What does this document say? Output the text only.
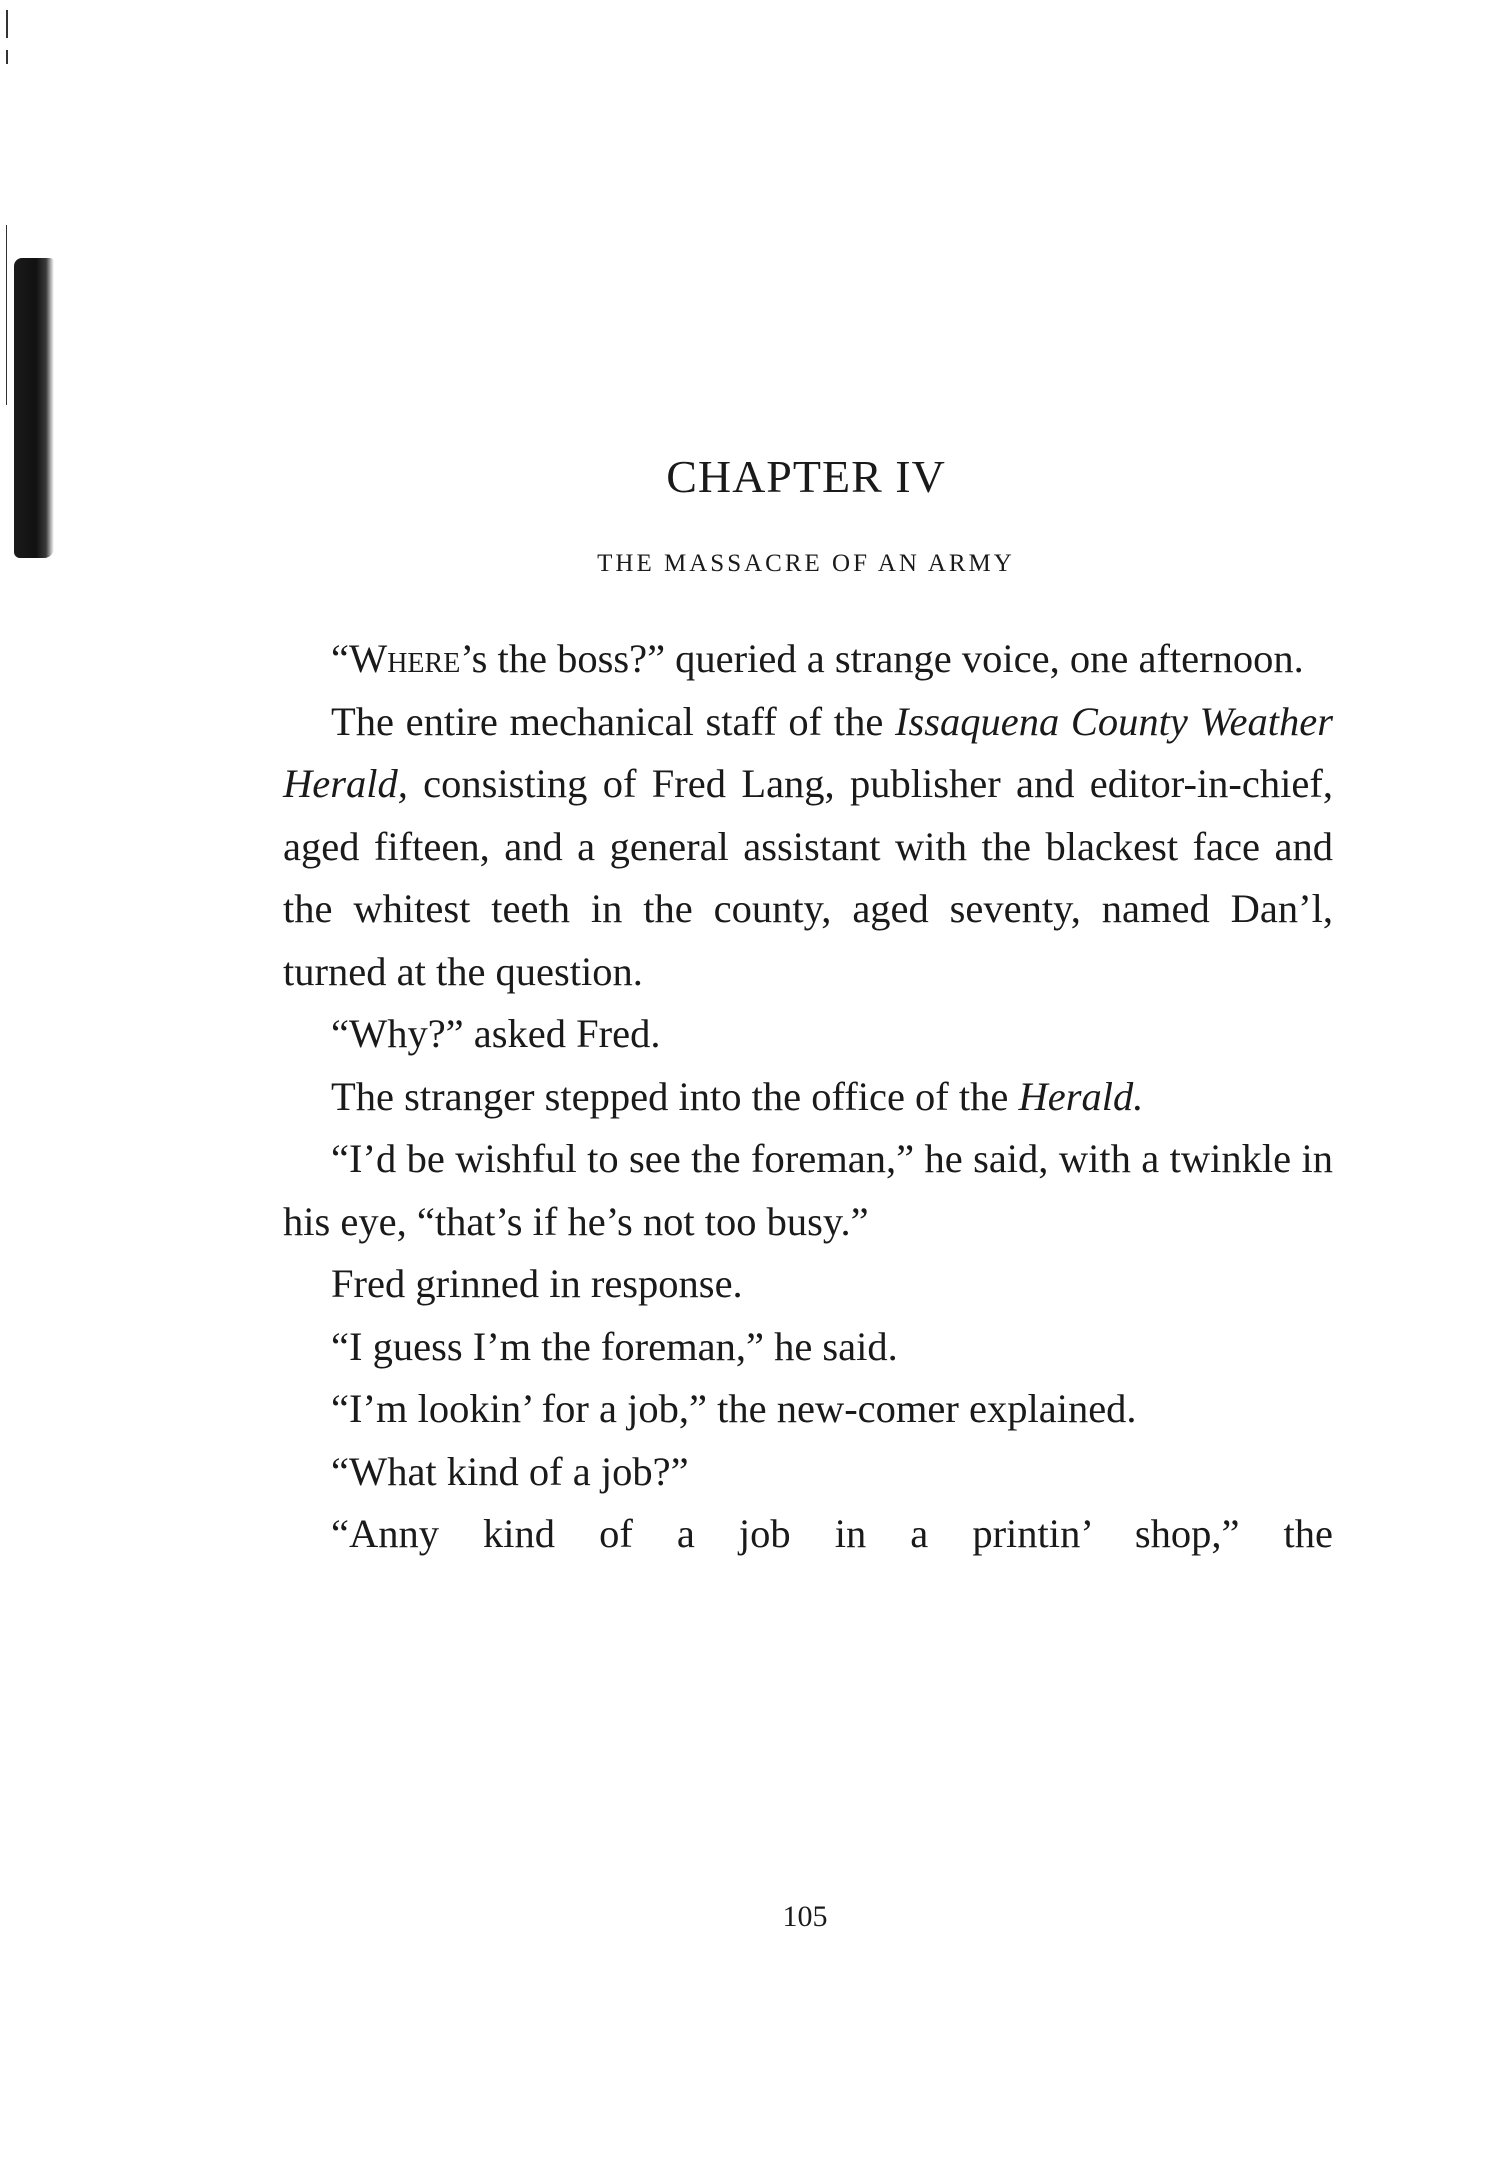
CHAPTER IV
THE MASSACRE OF AN ARMY

“Where’s the boss?” queried a strange voice, one afternoon.

The entire mechanical staff of the Issaquena County Weather Herald, consisting of Fred Lang, publisher and editor-in-chief, aged fifteen, and a general assistant with the blackest face and the whitest teeth in the county, aged seventy, named Dan’l, turned at the question.

“Why?” asked Fred.

The stranger stepped into the office of the Herald.

“I’d be wishful to see the foreman,” he said, with a twinkle in his eye, “that’s if he’s not too busy.”

Fred grinned in response.

“I guess I’m the foreman,” he said.

“I’m lookin’ for a job,” the new-comer explained.

“What kind of a job?”

“Anny kind of a job in a printin’ shop,” the

105
